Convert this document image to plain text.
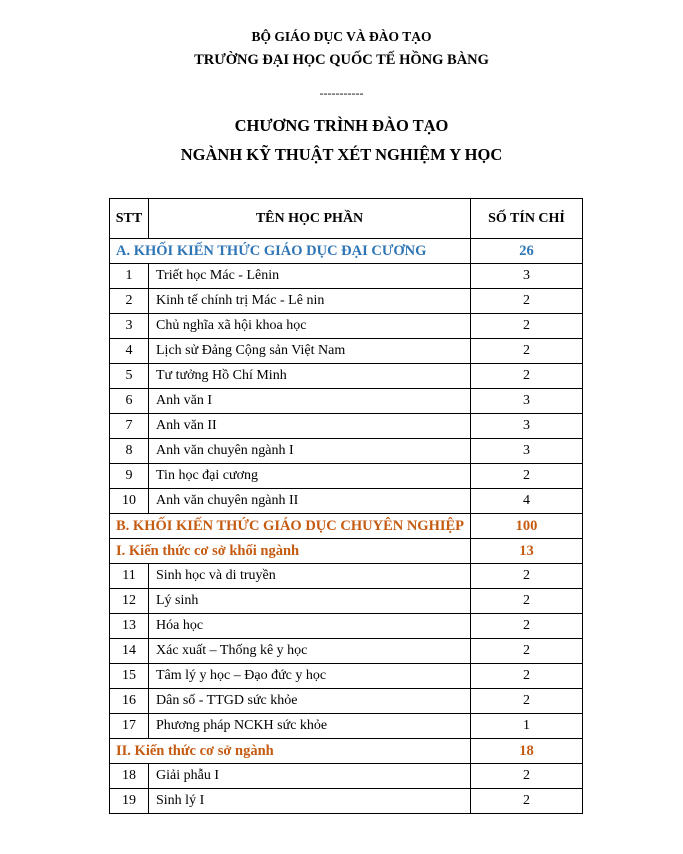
BỘ GIÁO DỤC VÀ ĐÀO TẠO
TRƯỜNG ĐẠI HỌC QUỐC TẾ HỒNG BÀNG
-----------
CHƯƠNG TRÌNH ĐÀO TẠO
NGÀNH KỸ THUẬT XÉT NGHIỆM Y HỌC
STT	TÊN HỌC PHẦN	SỐ TÍN CHỈ
A. KHỐI KIẾN THỨC GIÁO DỤC ĐẠI CƯƠNG		26
1	Triết học Mác - Lênin	3
2	Kinh tế chính trị Mác - Lê nin	2
3	Chủ nghĩa xã hội khoa học	2
4	Lịch sử Đảng Cộng sản Việt Nam	2
5	Tư tưởng Hồ Chí Minh	2
6	Anh văn I	3
7	Anh văn II	3
8	Anh văn chuyên ngành I	3
9	Tin học đại cương	2
10	Anh văn chuyên ngành II	4
B. KHỐI KIẾN THỨC GIÁO DỤC CHUYÊN NGHIỆP		100
I. Kiến thức cơ sở khối ngành		13
11	Sinh học và di truyền	2
12	Lý sinh	2
13	Hóa học	2
14	Xác xuất – Thống kê y học	2
15	Tâm lý y học – Đạo đức y học	2
16	Dân số - TTGD sức khỏe	2
17	Phương pháp NCKH sức khỏe	1
II. Kiến thức cơ sở ngành		18
18	Giải phẫu I	2
19	Sinh lý I	2
